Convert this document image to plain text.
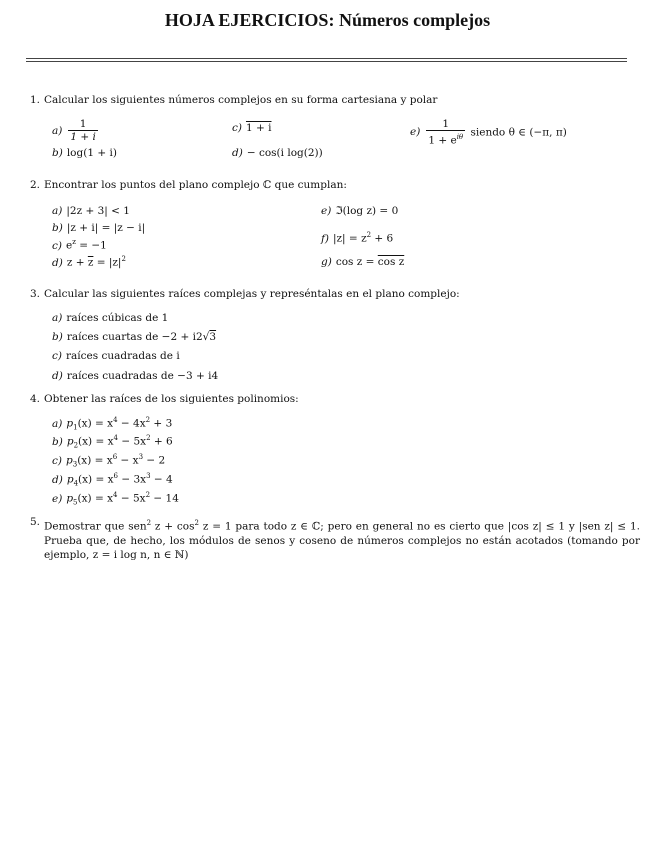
HOJA EJERCICIOS: Números complejos
1. Calcular los siguientes números complejos en su forma cartesiana y polar
$a) \frac{1}{1 + i}$
b) log(1 + i)
c) 1 + i
d) − cos(i log(2))
$e) \frac{1}{1 + e^{i\theta}}$ siendo θ ∈ (−π, π)
2. Encontrar los puntos del plano complejo ℂ que cumplan:
a) |2z + 3| < 1
b) |z + i| = |z − i|
c) $e^z = -1$
d) $z + \overline{z} = |z|^2$
e) ℑ(log z) = 0
f) $|z| = z^2 + 6$
g) cos z = cos z
3. Calcular las siguientes raíces complejas y represéntalas en el plano complejo:
a) raíces cúbicas de 1
b) raíces cuartas de −2 + i2√3
c) raíces cuadradas de i
d) raíces cuadradas de −3 + i4
4. Obtener las raíces de los siguientes polinomios:
a) $p_1(x) = x^4 - 4x^2 + 3$
b) $p_2(x) = x^4 - 5x^2 + 6$
c) $p_3(x) = x^6 - x^3 - 2$
d) $p_4(x) = x^6 - 3x^3 - 4$
e) $p_5(x) = x^4 - 5x^2 - 14$
5. Demostrar que sen$^2$ $z + \cos^2 z = 1$ para todo z ∈ ℂ; pero en general no es cierto que |cos z| ≤ 1 y |sen z| ≤ 1. Prueba que, de hecho, los módulos de senos y coseno de números complejos no están acotados (tomando por ejemplo, z = i log n, n ∈ ℕ)
